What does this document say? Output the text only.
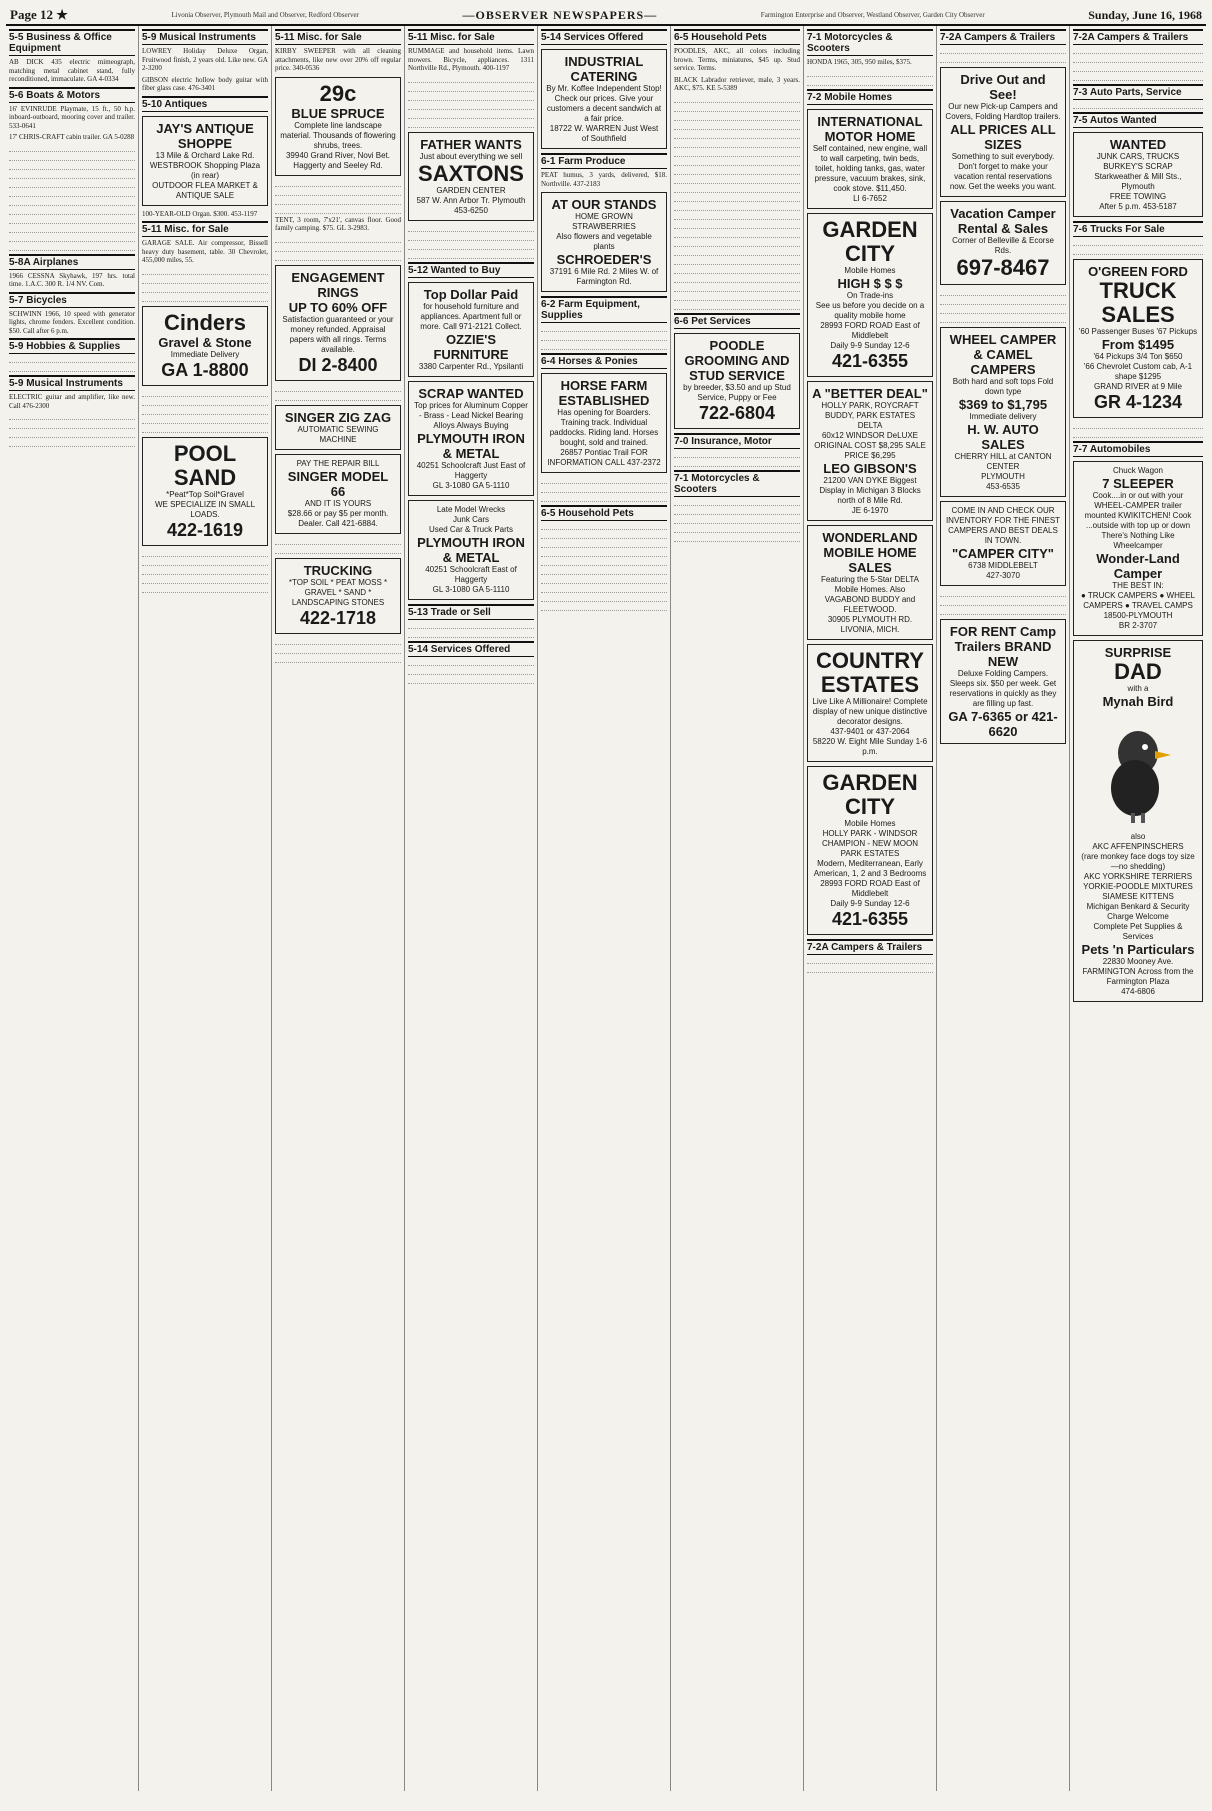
Page 12 ★	Livonia Observer, Plymouth Mail and Observer, Redford Observer	—OBSERVER NEWSPAPERS—	Farmington Enterprise and Observer, Westland Observer, Garden City Observer	Sunday, June 16, 1968
5-5 Business & Office Equipment

AB DICK 435 electric mimeograph, matching metal cabinet stand, fully reconditioned, immaculate. GA 4-0334

5-6 Boats & Motors

16' EVINRUDE Playmate, 15 ft., 50 h.p. inboard-outboard, mooring cover and trailer. 533-0641

17' CHRIS-CRAFT cabin trailer. GA 5-0288

5-8A Airplanes

1966 CESSNA Skyhawk, 197 hrs. total time. 1.A.C. 300 R. 1/4 NV. Com.

5-7 Bicycles

SCHWINN 1966, 10 speed with generator lights, chrome fenders. Excellent condition. $50. Call after 6 p.m.

5-9 Hobbies & Supplies
5-9 Musical Instruments

ELECTRIC guitar and amplifier, like new. Call 476-2300

5-9 Musical Instruments

LOWREY Holiday Deluxe Organ, Fruitwood finish, 2 years old. Like new. GA 2-3200

GIBSON electric hollow body guitar with fiber glass case. 476-3401

5-10 Antiques
JAY'S ANTIQUE SHOPPE
13 Mile & Orchard Lake Rd. WESTBROOK Shopping Plaza (in rear)
OUTDOOR FLEA MARKET & ANTIQUE SALE

100-YEAR-OLD Organ. $300. 453-1197

5-11 Misc. for Sale

GARAGE SALE. Air compressor, Bissell heavy duty basement, table. 30 Chevrolet, 455,000 miles, 55.

Cinders
Gravel & Stone
Immediate Delivery
GA 1-8800
POOL SAND
*Peat*Top Soil*Gravel
WE SPECIALIZE IN SMALL LOADS.
422-1619
5-11 Misc. for Sale

KIRBY SWEEPER with all cleaning attachments, like new over 20% off regular price. 340-0536

29c
BLUE SPRUCE
Complete line landscape material. Thousands of flowering shrubs, trees.
39940 Grand River, Novi Bet. Haggerty and Seeley Rd.

TENT, 3 room, 7'x21', canvas floor. Good family camping. $75. GL 3-2983.

ENGAGEMENT RINGS
UP TO 60% OFF
Satisfaction guaranteed or your money refunded. Appraisal papers with all rings. Terms available.
DI 2-8400
SINGER ZIG ZAG
AUTOMATIC SEWING MACHINE
PAY THE REPAIR BILL
SINGER MODEL 66
AND IT IS YOURS
$28.66 or pay $5 per month. Dealer. Call 421-6884.
TRUCKING
*TOP SOIL * PEAT MOSS * GRAVEL * SAND * LANDSCAPING STONES
422-1718
5-11 Misc. for Sale

RUMMAGE and household items. Lawn mowers. Bicycle, appliances. 1311 Northville Rd., Plymouth. 400-1197

FATHER WANTS
Just about everything we sell
SAXTONS
GARDEN CENTER
587 W. Ann Arbor Tr. Plymouth 453-6250
5-12 Wanted to Buy
Top Dollar Paid
for household furniture and appliances. Apartment full or more. Call 971-2121 Collect.
OZZIE'S FURNITURE
3380 Carpenter Rd., Ypsilanti
SCRAP WANTED
Top prices for Aluminum Copper - Brass - Lead Nickel Bearing Alloys Always Buying
PLYMOUTH IRON & METAL
40251 Schoolcraft Just East of Haggerty
GL 3-1080 GA 5-1110
Late Model Wrecks
Junk Cars
Used Car & Truck Parts
PLYMOUTH IRON & METAL
40251 Schoolcraft East of Haggerty
GL 3-1080 GA 5-1110
5-13 Trade or Sell
5-14 Services Offered
5-14 Services Offered
INDUSTRIAL CATERING
By Mr. Koffee Independent Stop!
Check our prices. Give your customers a decent sandwich at a fair price.
18722 W. WARREN Just West of Southfield
6-1 Farm Produce

PEAT humus, 3 yards, delivered, $18. Northville. 437-2183

AT OUR STANDS
HOME GROWN STRAWBERRIES
Also flowers and vegetable plants
SCHROEDER'S
37191 6 Mile Rd. 2 Miles W. of Farmington Rd.
6-2 Farm Equipment, Supplies
6-4 Horses & Ponies
HORSE FARM ESTABLISHED
Has opening for Boarders. Training track. Individual paddocks. Riding land. Horses bought, sold and trained.
26857 Pontiac Trail FOR INFORMATION CALL 437-2372
6-5 Household Pets
6-5 Household Pets

POODLES, AKC, all colors including brown. Terms, miniatures, $45 up. Stud service. Terms.

BLACK Labrador retriever, male, 3 years. AKC, $75. KE 5-5389

6-6 Pet Services
POODLE GROOMING AND STUD SERVICE
by breeder, $3.50 and up Stud Service, Puppy or Fee
722-6804
7-0 Insurance, Motor
7-1 Motorcycles & Scooters
7-1 Motorcycles & Scooters

HONDA 1965, 305, 950 miles, $375.

7-2 Mobile Homes
INTERNATIONAL MOTOR HOME
Self contained, new engine, wall to wall carpeting, twin beds, toilet, holding tanks, gas, water pressure, vacuum brakes, sink, cook stove. $11,450.
LI 6-7652
GARDEN CITY
Mobile Homes
HIGH $ $ $
On Trade-ins
See us before you decide on a quality mobile home
28993 FORD ROAD East of Middlebelt
Daily 9-9 Sunday 12-6
421-6355
A "BETTER DEAL"
HOLLY PARK, ROYCRAFT BUDDY, PARK ESTATES DELTA
60x12 WINDSOR DeLUXE
ORIGINAL COST $8,295 SALE PRICE $6,295
LEO GIBSON'S
21200 VAN DYKE Biggest Display in Michigan 3 Blocks north of 8 Mile Rd.
JE 6-1970
WONDERLAND MOBILE HOME SALES
Featuring the 5-Star DELTA Mobile Homes. Also VAGABOND BUDDY and FLEETWOOD.
30905 PLYMOUTH RD. LIVONIA, MICH.
COUNTRY ESTATES
Live Like A Millionaire! Complete display of new unique distinctive decorator designs.
437-9401 or 437-2064
58220 W. Eight Mile Sunday 1-6 p.m.
GARDEN CITY
Mobile Homes
HOLLY PARK - WINDSOR CHAMPION - NEW MOON PARK ESTATES
Modern, Mediterranean, Early American, 1, 2 and 3 Bedrooms
28993 FORD ROAD East of Middlebelt
Daily 9-9 Sunday 12-6
421-6355
7-2A Campers & Trailers
7-2A Campers & Trailers
Drive Out and See!
Our new Pick-up Campers and Covers, Folding Hardtop trailers.
ALL PRICES ALL SIZES
Something to suit everybody. Don't forget to make your vacation rental reservations now. Get the weeks you want.
Vacation Camper Rental & Sales
Corner of Belleville & Ecorse Rds.
697-8467
WHEEL CAMPER & CAMEL CAMPERS
Both hard and soft tops Fold down type
$369 to $1,795
Immediate delivery
H. W. AUTO SALES
CHERRY HILL at CANTON CENTER
PLYMOUTH
453-6535
COME IN AND CHECK OUR INVENTORY FOR THE FINEST CAMPERS AND BEST DEALS IN TOWN.
"CAMPER CITY"
6738 MIDDLEBELT
427-3070
FOR RENT Camp Trailers BRAND NEW
Deluxe Folding Campers. Sleeps six. $50 per week. Get reservations in quickly as they are filling up fast.
GA 7-6365 or 421-6620
7-2A Campers & Trailers
7-3 Auto Parts, Service
7-5 Autos Wanted
WANTED
JUNK CARS, TRUCKS BURKEY'S SCRAP
Starkweather & Mill Sts., Plymouth
FREE TOWING
After 5 p.m. 453-5187
7-6 Trucks For Sale
O'GREEN FORD
TRUCK SALES
'60 Passenger Buses '67 Pickups
From $1495
'64 Pickups 3/4 Ton $650
'66 Chevrolet Custom cab, A-1 shape $1295
GRAND RIVER at 9 Mile
GR 4-1234
7-7 Automobiles
Chuck Wagon
7 SLEEPER
Cook....in or out with your WHEEL-CAMPER trailer mounted KWIKITCHEN! Cook ...outside with top up or down
There's Nothing Like Wheelcamper
Wonder-Land Camper
THE BEST IN:
● TRUCK CAMPERS ● WHEEL CAMPERS ● TRAVEL CAMPS
18500-PLYMOUTH
BR 2-3707
SURPRISE
DAD
with a
Mynah Bird
also
AKC AFFENPINSCHERS
(rare monkey face dogs toy size—no shedding)
AKC YORKSHIRE TERRIERS
YORKIE-POODLE MIXTURES
SIAMESE KITTENS
Michigan Benkard & Security Charge Welcome
Complete Pet Supplies & Services
Pets 'n Particulars
22830 Mooney Ave. FARMINGTON Across from the Farmington Plaza
474-6806
